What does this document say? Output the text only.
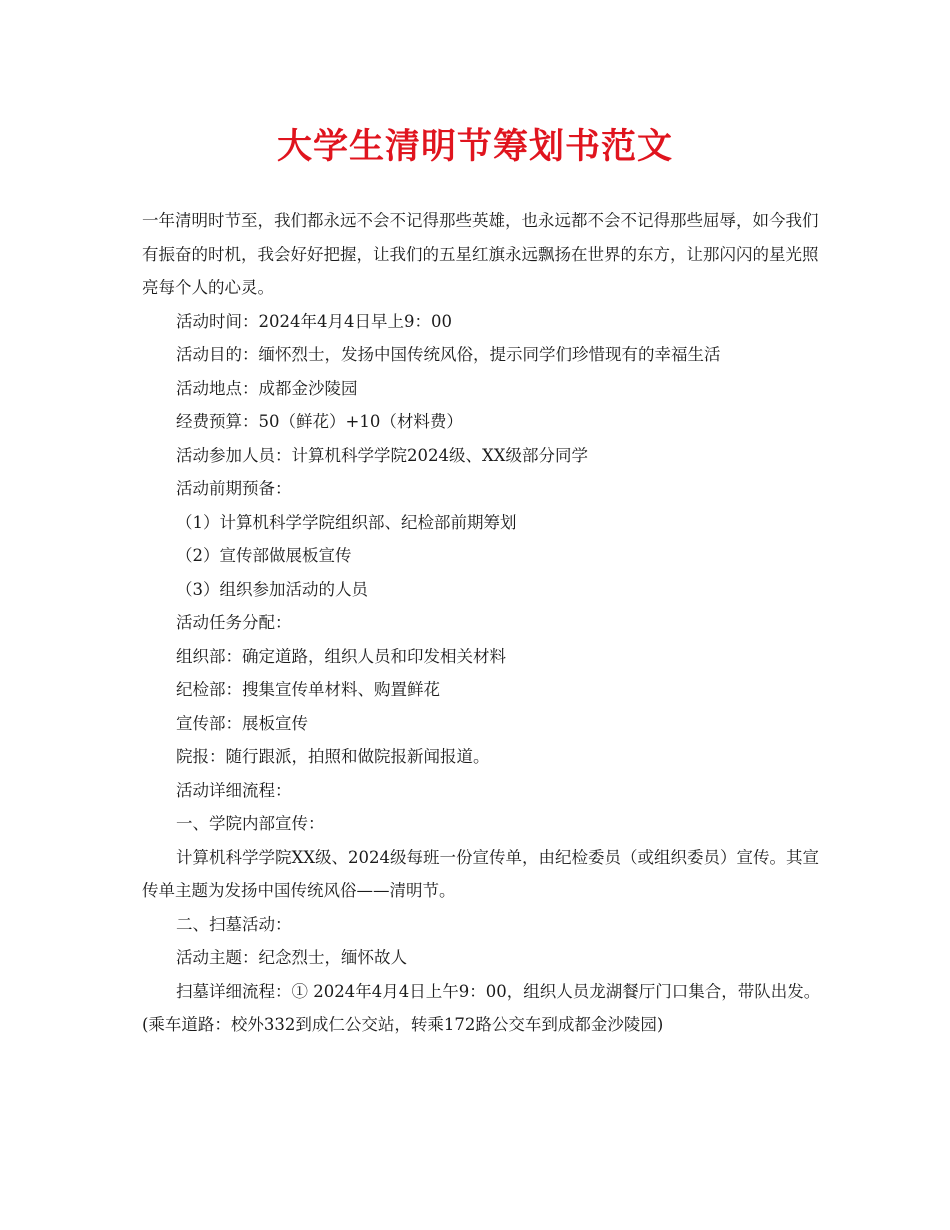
大学生清明节筹划书范文

一年清明时节至，我们都永远不会不记得那些英雄，也永远都不会不记得那些屈辱，如今我们有振奋的时机，我会好好把握，让我们的五星红旗永远飘扬在世界的东方，让那闪闪的星光照亮每个人的心灵。

活动时间：2024年4月4日早上9：00

活动目的：缅怀烈士，发扬中国传统风俗，提示同学们珍惜现有的幸福生活

活动地点：成都金沙陵园

经费预算：50（鲜花）+10（材料费）

活动参加人员：计算机科学学院2024级、XX级部分同学

活动前期预备：

（1）计算机科学学院组织部、纪检部前期筹划

（2）宣传部做展板宣传

（3）组织参加活动的人员

活动任务分配：

组织部：确定道路，组织人员和印发相关材料

纪检部：搜集宣传单材料、购置鲜花

宣传部：展板宣传

院报：随行跟派，拍照和做院报新闻报道。

活动详细流程：

一、学院内部宣传：

计算机科学学院XX级、2024级每班一份宣传单，由纪检委员（或组织委员）宣传。其宣传单主题为发扬中国传统风俗——清明节。

二、扫墓活动：

活动主题：纪念烈士，缅怀故人

扫墓详细流程：① 2024年4月4日上午9：00，组织人员龙湖餐厅门口集合，带队出发。(乘车道路：校外332到成仁公交站，转乘172路公交车到成都金沙陵园)
